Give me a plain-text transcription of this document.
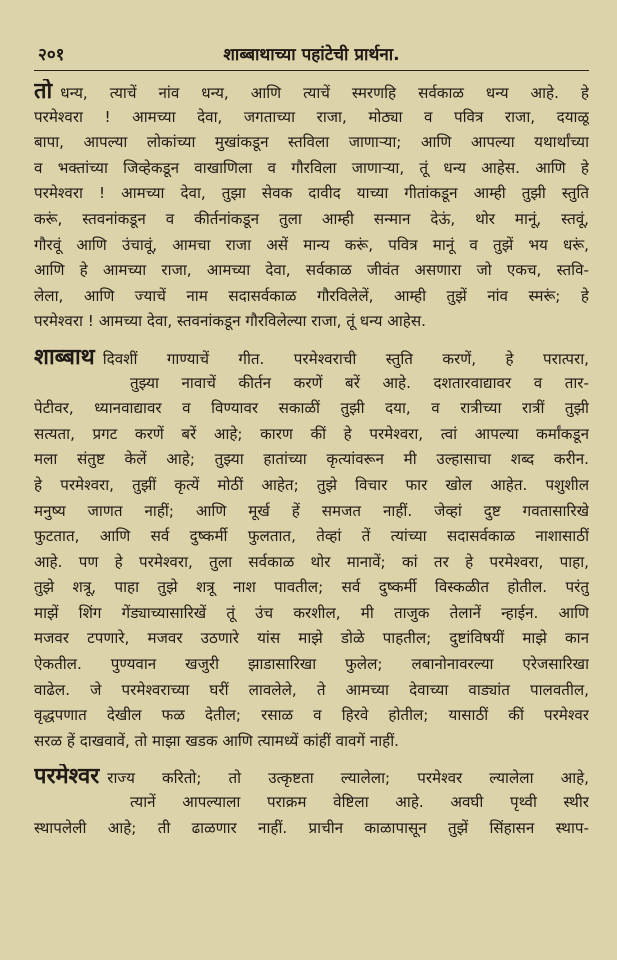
२०१	शाब्बाथाच्या पहांटेची प्रार्थना.
तो धन्य, त्याचें नांव धन्य, आणि त्याचें स्मरणहि सर्वकाळ धन्य आहे. हे
परमेश्वरा ! आमच्या देवा, जगताच्या राजा, मोठ्या व पवित्र राजा, दयाळू
बापा, आपल्या लोकांच्या मुखांकडून स्तविला जाणाऱ्या; आणि आपल्या यथार्थांच्या
व भक्तांच्या जिव्हेकडून वाखाणिला व गौरविला जाणाऱ्या, तूं धन्य आहेस. आणि हे
परमेश्वरा ! आमच्या देवा, तुझा सेवक दावीद याच्या गीतांकडून आम्ही तुझी स्तुति
करूं, स्तवनांकडून व कीर्तनांकडून तुला आम्ही सन्मान देऊं, थोर मानूं, स्तवूं,
गौरवूं आणि उंचावूं, आमचा राजा असें मान्य करूं, पवित्र मानूं व तुझें भय धरूं,
आणि हे आमच्या राजा, आमच्या देवा, सर्वकाळ जीवंत असणारा जो एकच, स्तवि-
लेला, आणि ज्याचें नाम सदासर्वकाळ गौरविलेलें, आम्ही तुझें नांव स्मरूं; हे
परमेश्वरा ! आमच्या देवा, स्तवनांकडून गौरविलेल्या राजा, तूं धन्य आहेस.
शाब्बाथ दिवशीं गाण्याचें गीत. परमेश्वराची स्तुति करणें, हे परात्परा,
तुझ्या नावाचें कीर्तन करणें बरें आहे. दशतारवाद्यावर व तार-
पेटीवर, ध्यानवाद्यावर व विण्यावर सकाळीं तुझी दया, व रात्रीच्या रात्रीं तुझी
सत्यता, प्रगट करणें बरें आहे; कारण कीं हे परमेश्वरा, त्वां आपल्या कर्मांकडून
मला संतुष्ट केलें आहे; तुझ्या हातांच्या कृत्यांवरून मी उल्हासाचा शब्द करीन.
हे परमेश्वरा, तुझीं कृत्यें मोठीं आहेत; तुझे विचार फार खोल आहेत. पशुशील
मनुष्य जाणत नाहीं; आणि मूर्ख हें समजत नाहीं. जेव्हां दुष्ट गवतासारिखे
फुटतात, आणि सर्व दुष्कर्मी फुलतात, तेव्हां तें त्यांच्या सदासर्वकाळ नाशासाठीं
आहे. पण हे परमेश्वरा, तुला सर्वकाळ थोर मानावें; कां तर हे परमेश्वरा, पाहा,
तुझे शत्रू, पाहा तुझे शत्रू नाश पावतील; सर्व दुष्कर्मी विस्कळीत होतील. परंतु
माझें शिंग गेंड्याच्यासारिखें तूं उंच करशील, मी ताजुक तेलानें न्हाईन. आणि
मजवर टपणारे, मजवर उठणारे यांस माझे डोळे पाहतील; दुष्टांविषयीं माझे कान
ऐकतील. पुण्यवान खजुरी झाडासारिखा फुलेल; लबानोनावरल्या एरेजसारिखा
वाढेल. जे परमेश्वराच्या घरीं लावलेले, ते आमच्या देवाच्या वाड्यांत पालवतील,
वृद्धपणात देखील फळ देतील; रसाळ व हिरवे होतील; यासाठीं कीं परमेश्वर
सरळ हें दाखवावें, तो माझा खडक आणि त्यामध्यें कांहीं वावगें नाहीं.
परमेश्वर राज्य करितो; तो उत्कृष्टता ल्यालेला; परमेश्वर ल्यालेला आहे,
त्यानें आपल्याला पराक्रम वेष्टिला आहे. अवघी पृथ्वी स्थीर
स्थापलेली आहे; ती ढाळणार नाहीं. प्राचीन काळापासून तुझें सिंहासन स्थाप-
